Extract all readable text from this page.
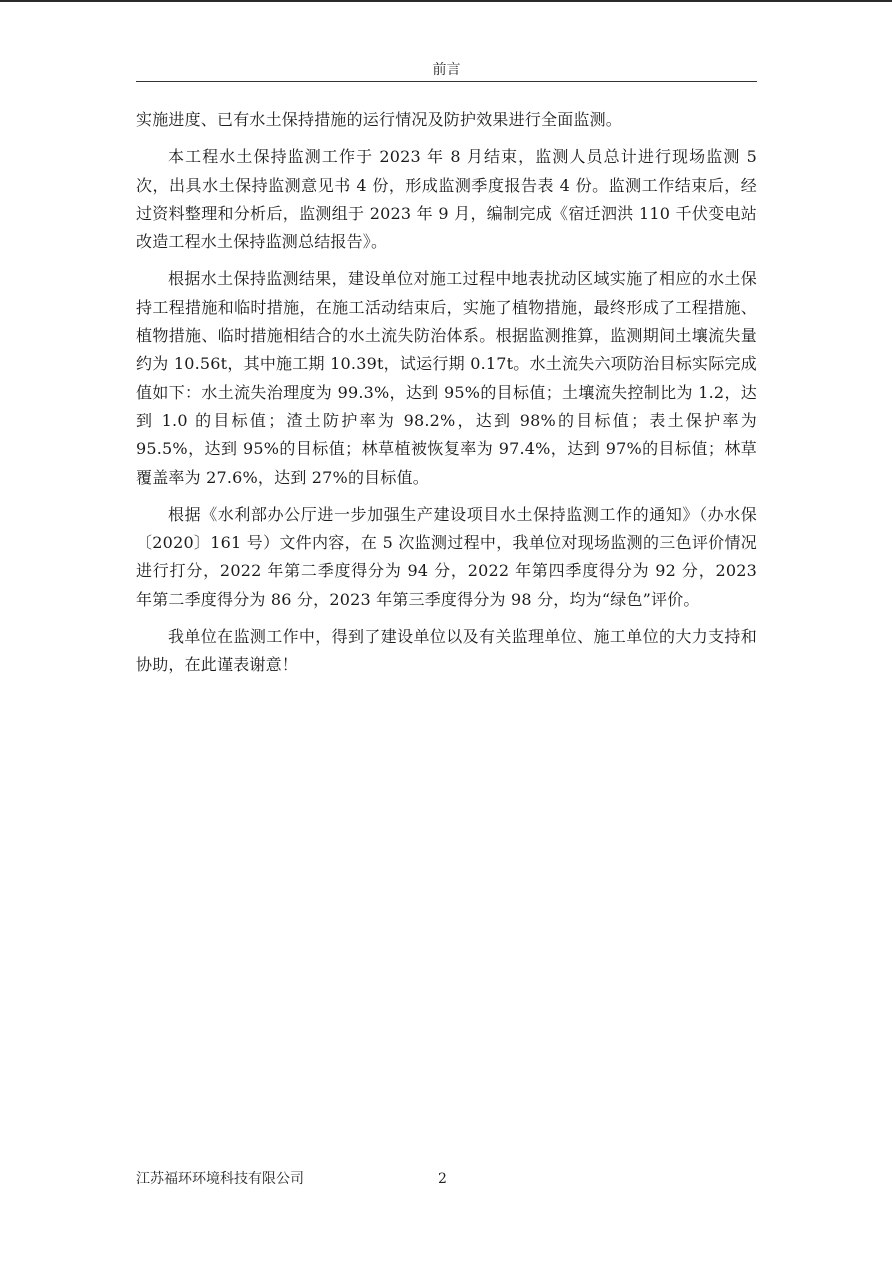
前言

实施进度、已有水土保持措施的运行情况及防护效果进行全面监测。

本工程水土保持监测工作于 2023 年 8 月结束，监测人员总计进行现场监测 5 次，出具水土保持监测意见书 4 份，形成监测季度报告表 4 份。监测工作结束后，经过资料整理和分析后，监测组于 2023 年 9 月，编制完成《宿迁泗洪 110 千伏变电站改造工程水土保持监测总结报告》。

根据水土保持监测结果，建设单位对施工过程中地表扰动区域实施了相应的水土保持工程措施和临时措施，在施工活动结束后，实施了植物措施，最终形成了工程措施、植物措施、临时措施相结合的水土流失防治体系。根据监测推算，监测期间土壤流失量约为 10.56t，其中施工期 10.39t，试运行期 0.17t。水土流失六项防治目标实际完成值如下：水土流失治理度为 99.3%，达到 95%的目标值；土壤流失控制比为 1.2，达到 1.0 的目标值；渣土防护率为 98.2%，达到 98%的目标值；表土保护率为 95.5%，达到 95%的目标值；林草植被恢复率为 97.4%，达到 97%的目标值；林草覆盖率为 27.6%，达到 27%的目标值。

根据《水利部办公厅进一步加强生产建设项目水土保持监测工作的通知》（办水保〔2020〕161 号）文件内容，在 5 次监测过程中，我单位对现场监测的三色评价情况进行打分，2022 年第二季度得分为 94 分，2022 年第四季度得分为 92 分，2023 年第二季度得分为 86 分，2023 年第三季度得分为 98 分，均为“绿色”评价。

我单位在监测工作中，得到了建设单位以及有关监理单位、施工单位的大力支持和协助，在此谨表谢意！

江苏福环环境科技有限公司	2
